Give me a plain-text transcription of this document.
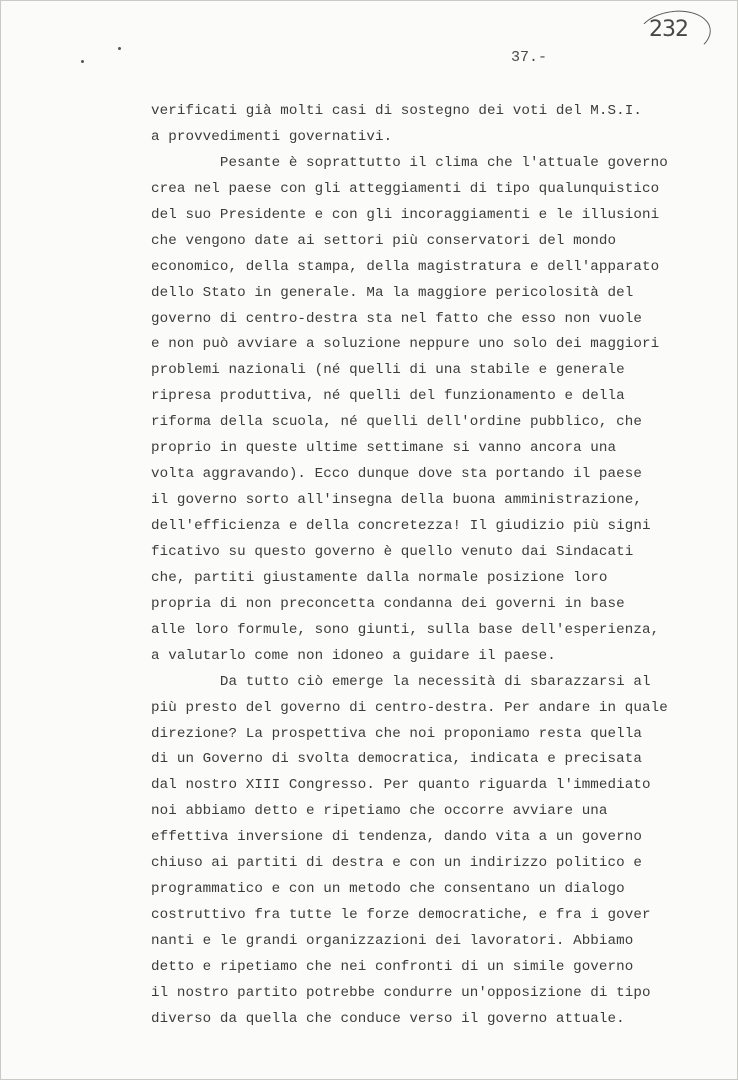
232
37.-
verificati già molti casi di sostegno dei voti del M.S.I.
a provvedimenti governativi.
Pesante è soprattutto il clima che l'attuale governo
crea nel paese con gli atteggiamenti di tipo qualunquistico
del suo Presidente e con gli incoraggiamenti e le illusioni
che vengono date ai settori più conservatori del mondo
economico, della stampa, della magistratura e dell'apparato
dello Stato in generale. Ma la maggiore pericolosità del
governo di centro-destra sta nel fatto che esso non vuole
e non può avviare a soluzione neppure uno solo dei maggiori
problemi nazionali (né quelli di una stabile e generale
ripresa produttiva, né quelli del funzionamento e della
riforma della scuola, né quelli dell'ordine pubblico, che
proprio in queste ultime settimane si vanno ancora una
volta aggravando). Ecco dunque dove sta portando il paese
il governo sorto all'insegna della buona amministrazione,
dell'efficienza e della concretezza! Il giudizio più signi
ficativo su questo governo è quello venuto dai Sindacati
che, partiti giustamente dalla normale posizione loro
propria di non preconcetta condanna dei governi in base
alle loro formule, sono giunti, sulla base dell'esperienza,
a valutarlo come non idoneo a guidare il paese.
Da tutto ciò emerge la necessità di sbarazzarsi al
più presto del governo di centro-destra. Per andare in quale
direzione? La prospettiva che noi proponiamo resta quella
di un Governo di svolta democratica, indicata e precisata
dal nostro XIII Congresso. Per quanto riguarda l'immediato
noi abbiamo detto e ripetiamo che occorre avviare una
effettiva inversione di tendenza, dando vita a un governo
chiuso ai partiti di destra e con un indirizzo politico e
programmatico e con un metodo che consentano un dialogo
costruttivo fra tutte le forze democratiche, e fra i gover
nanti e le grandi organizzazioni dei lavoratori. Abbiamo
detto e ripetiamo che nei confronti di un simile governo
il nostro partito potrebbe condurre un'opposizione di tipo
diverso da quella che conduce verso il governo attuale.
